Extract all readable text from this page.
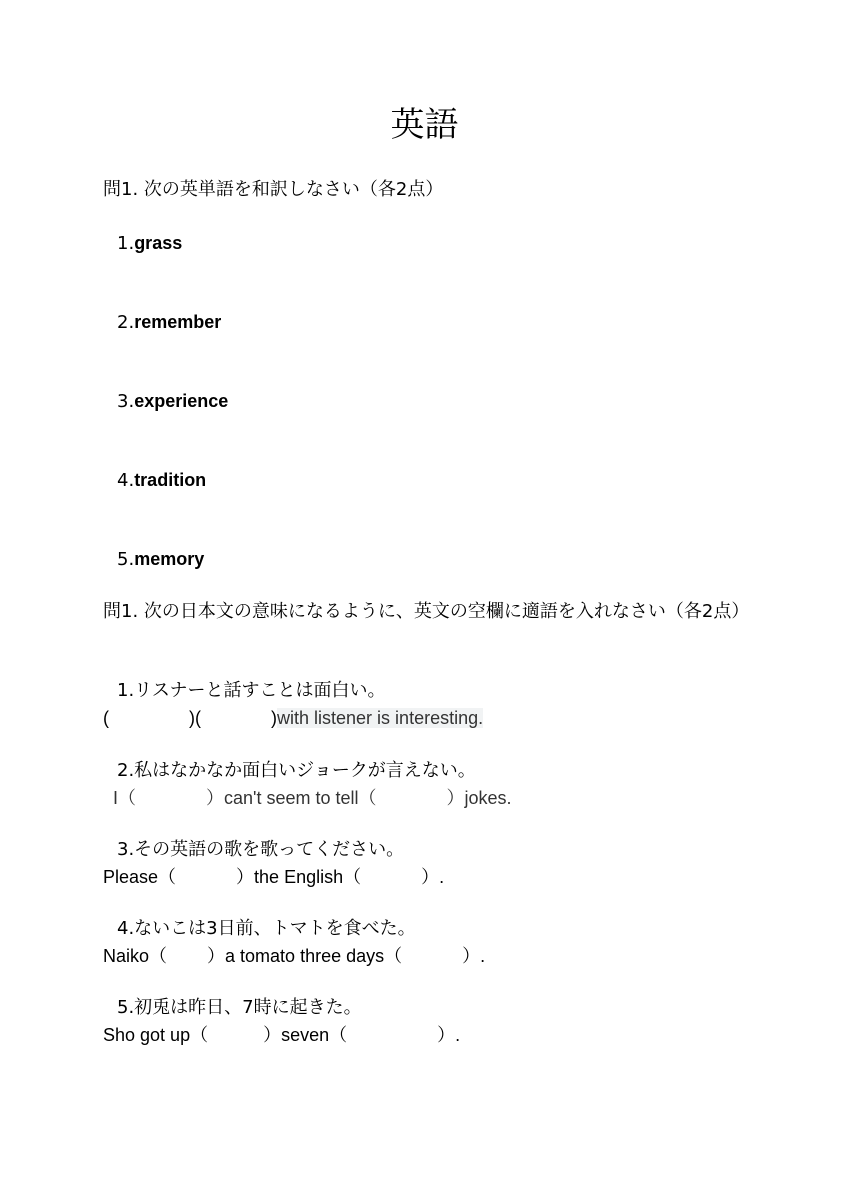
英語
問1. 次の英単語を和訳しなさい（各2点）
1.grass
2.remember
3.experience
4.tradition
5.memory
問1. 次の日本文の意味になるように、英文の空欄に適語を入れなさい（各2点）
1.リスナーと話すことは面白い。
(                )(              )with listener is interesting.
2.私はなかなか面白いジョークが言えない。
I（              ）can't seem to tell（              ）jokes.
3.その英語の歌を歌ってください。
Please（            ）the English（            ）.
4.ないこは3日前、トマトを食べた。
Naiko（        ）a tomato three days（            ）.
5.初兎は昨日、7時に起きた。
Sho got up（           ）seven（                  ）.
